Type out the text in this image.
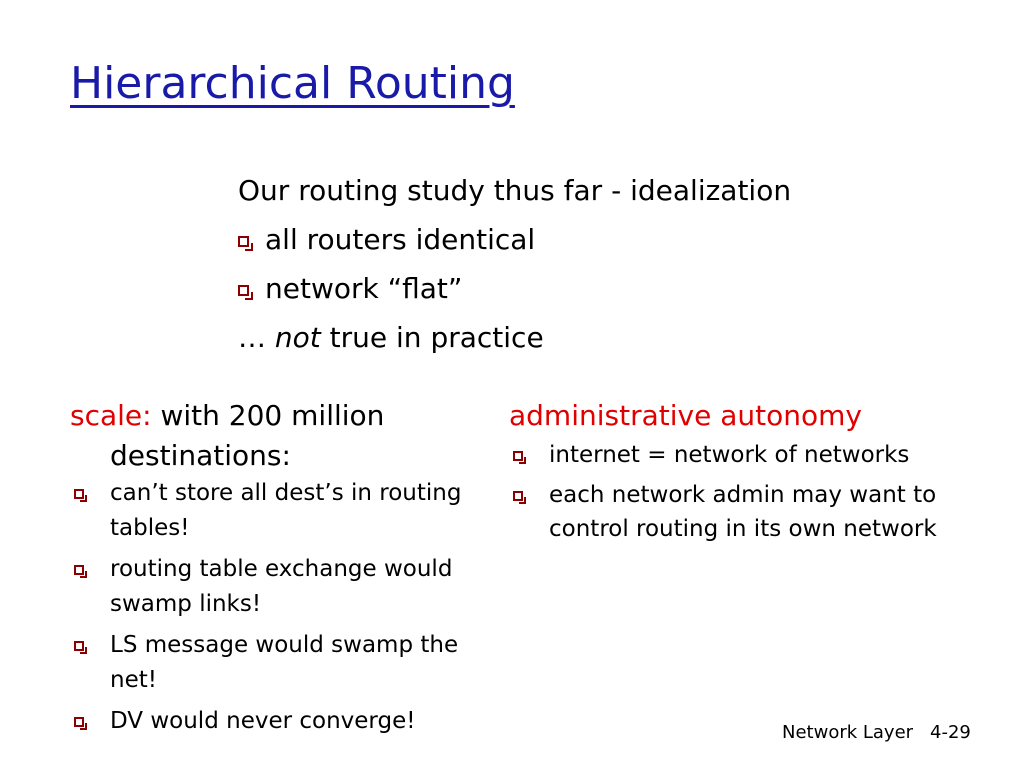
Hierarchical Routing
Our routing study thus far - idealization
all routers identical
network “flat”
… not true in practice
scale: with 200 million
destinations:
can’t store all dest’s in routing tables!
routing table exchange would swamp links!
LS message would swamp the net!
DV would never converge!
administrative autonomy
internet = network of networks
each network admin may want to control routing in its own network
Network Layer 4-29
